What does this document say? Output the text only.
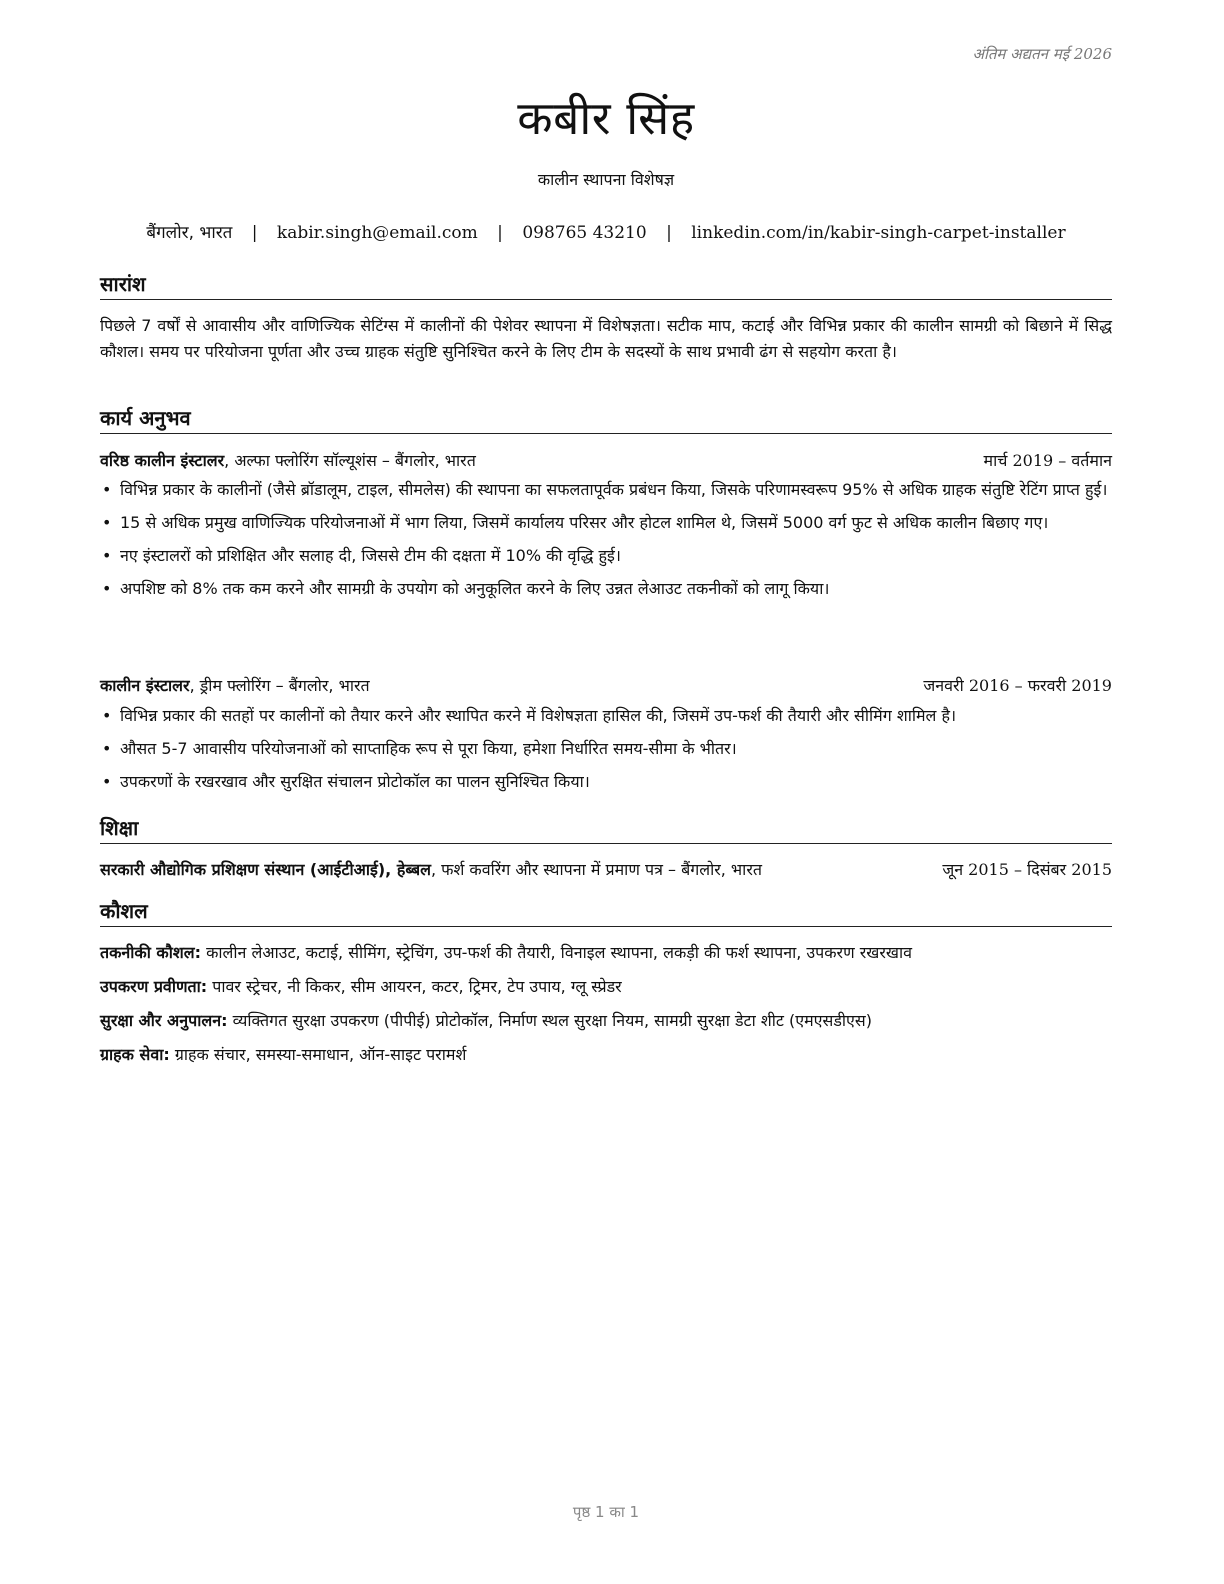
अंतिम अद्यतन मई 2026
कबीर सिंह
कालीन स्थापना विशेषज्ञ
बैंगलोर, भारत | kabir.singh@email.com | 098765 43210 | linkedin.com/in/kabir-singh-carpet-installer
सारांश
पिछले 7 वर्षों से आवासीय और वाणिज्यिक सेटिंग्स में कालीनों की पेशेवर स्थापना में विशेषज्ञता। सटीक माप, कटाई और विभिन्न प्रकार की कालीन सामग्री को बिछाने में सिद्ध कौशल। समय पर परियोजना पूर्णता और उच्च ग्राहक संतुष्टि सुनिश्चित करने के लिए टीम के सदस्यों के साथ प्रभावी ढंग से सहयोग करता है।
कार्य अनुभव
वरिष्ठ कालीन इंस्टालर, अल्फा फ्लोरिंग सॉल्यूशंस – बैंगलोर, भारत	मार्च 2019 – वर्तमान
• विभिन्न प्रकार के कालीनों (जैसे ब्रॉडालूम, टाइल, सीमलेस) की स्थापना का सफलतापूर्वक प्रबंधन किया, जिसके परिणामस्वरूप 95% से अधिक ग्राहक संतुष्टि रेटिंग प्राप्त हुई।
• 15 से अधिक प्रमुख वाणिज्यिक परियोजनाओं में भाग लिया, जिसमें कार्यालय परिसर और होटल शामिल थे, जिसमें 5000 वर्ग फुट से अधिक कालीन बिछाए गए।
• नए इंस्टालरों को प्रशिक्षित और सलाह दी, जिससे टीम की दक्षता में 10% की वृद्धि हुई।
• अपशिष्ट को 8% तक कम करने और सामग्री के उपयोग को अनुकूलित करने के लिए उन्नत लेआउट तकनीकों को लागू किया।
कालीन इंस्टालर, ड्रीम फ्लोरिंग – बैंगलोर, भारत	जनवरी 2016 – फरवरी 2019
• विभिन्न प्रकार की सतहों पर कालीनों को तैयार करने और स्थापित करने में विशेषज्ञता हासिल की, जिसमें उप-फर्श की तैयारी और सीमिंग शामिल है।
• औसत 5-7 आवासीय परियोजनाओं को साप्ताहिक रूप से पूरा किया, हमेशा निर्धारित समय-सीमा के भीतर।
• उपकरणों के रखरखाव और सुरक्षित संचालन प्रोटोकॉल का पालन सुनिश्चित किया।
शिक्षा
सरकारी औद्योगिक प्रशिक्षण संस्थान (आईटीआई), हेब्बल, फर्श कवरिंग और स्थापना में प्रमाण पत्र – बैंगलोर, भारत	जून 2015 – दिसंबर 2015
कौशल
तकनीकी कौशल: कालीन लेआउट, कटाई, सीमिंग, स्ट्रेचिंग, उप-फर्श की तैयारी, विनाइल स्थापना, लकड़ी की फर्श स्थापना, उपकरण रखरखाव
उपकरण प्रवीणता: पावर स्ट्रेचर, नी किकर, सीम आयरन, कटर, ट्रिमर, टेप उपाय, ग्लू स्प्रेडर
सुरक्षा और अनुपालन: व्यक्तिगत सुरक्षा उपकरण (पीपीई) प्रोटोकॉल, निर्माण स्थल सुरक्षा नियम, सामग्री सुरक्षा डेटा शीट (एमएसडीएस)
ग्राहक सेवा: ग्राहक संचार, समस्या-समाधान, ऑन-साइट परामर्श
पृष्ठ 1 का 1
